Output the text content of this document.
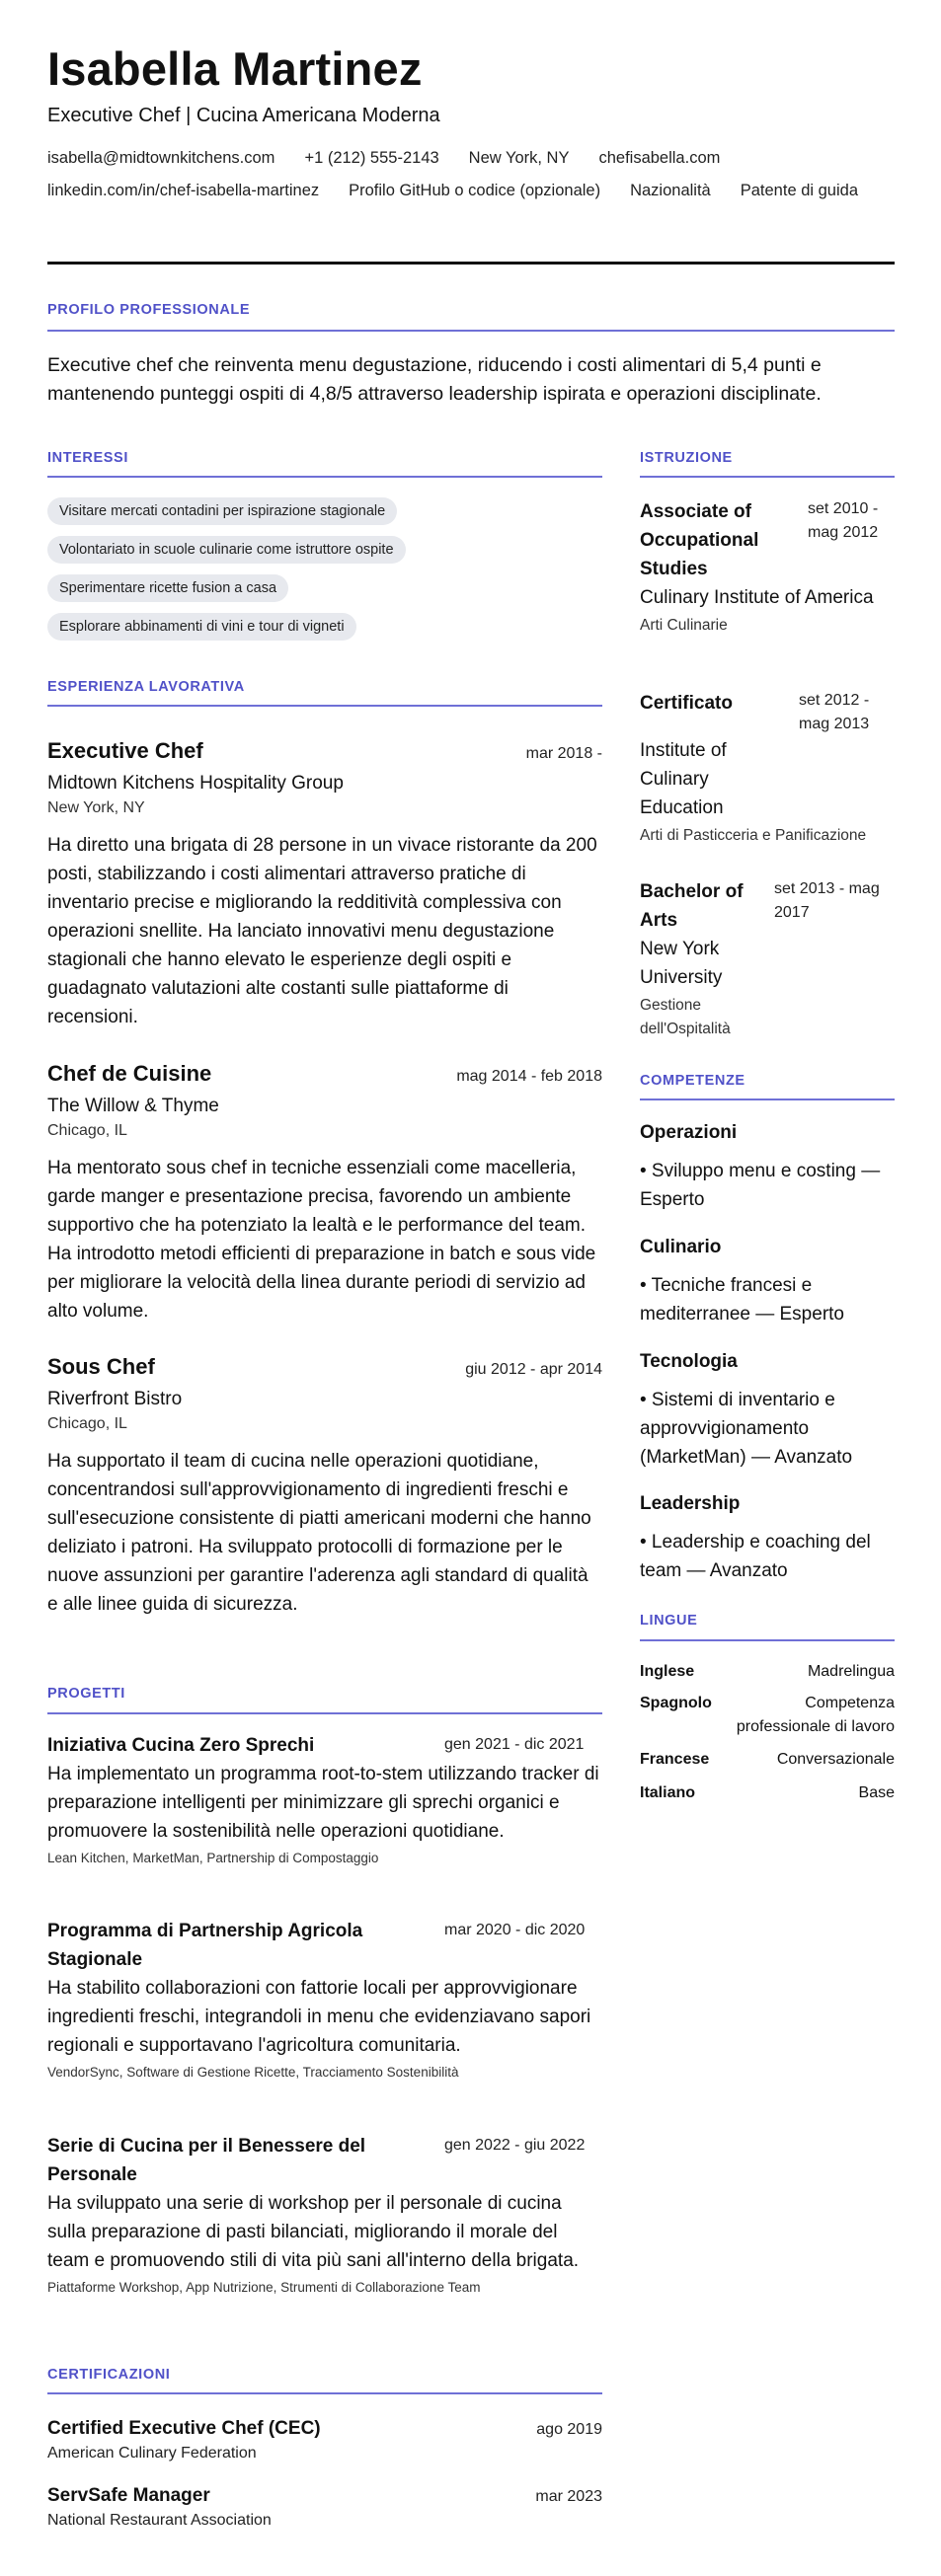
Isabella Martinez
Executive Chef | Cucina Americana Moderna
isabella@midtownkitchens.com +1 (212) 555-2143 New York, NY chefisabella.com
linkedin.com/in/chef-isabella-martinez Profilo GitHub o codice (opzionale) Nazionalità Patente di guida
PROFILO PROFESSIONALE
Executive chef che reinventa menu degustazione, riducendo i costi alimentari di 5,4 punti e mantenendo punteggi ospiti di 4,8/5 attraverso leadership ispirata e operazioni disciplinate.
INTERESSI
Visitare mercati contadini per ispirazione stagionale
Volontariato in scuole culinarie come istruttore ospite
Sperimentare ricette fusion a casa
Esplorare abbinamenti di vini e tour di vigneti
ESPERIENZA LAVORATIVA
Executive Chef	mar 2018 -
Midtown Kitchens Hospitality Group
New York, NY
Ha diretto una brigata di 28 persone in un vivace ristorante da 200 posti, stabilizzando i costi alimentari attraverso pratiche di inventario precise e migliorando la redditività complessiva con operazioni snellite. Ha lanciato innovativi menu degustazione stagionali che hanno elevato le esperienze degli ospiti e guadagnato valutazioni alte costanti sulle piattaforme di recensioni.
Chef de Cuisine	mag 2014 - feb 2018
The Willow & Thyme
Chicago, IL
Ha mentorato sous chef in tecniche essenziali come macelleria, garde manger e presentazione precisa, favorendo un ambiente supportivo che ha potenziato la lealtà e le performance del team. Ha introdotto metodi efficienti di preparazione in batch e sous vide per migliorare la velocità della linea durante periodi di servizio ad alto volume.
Sous Chef	giu 2012 - apr 2014
Riverfront Bistro
Chicago, IL
Ha supportato il team di cucina nelle operazioni quotidiane, concentrandosi sull'approvvigionamento di ingredienti freschi e sull'esecuzione consistente di piatti americani moderni che hanno deliziato i patroni. Ha sviluppato protocolli di formazione per le nuove assunzioni per garantire l'aderenza agli standard di qualità e alle linee guida di sicurezza.
PROGETTI
Iniziativa Cucina Zero Sprechi	gen 2021 - dic 2021
Ha implementato un programma root-to-stem utilizzando tracker di preparazione intelligenti per minimizzare gli sprechi organici e promuovere la sostenibilità nelle operazioni quotidiane.
Lean Kitchen, MarketMan, Partnership di Compostaggio
Programma di Partnership Agricola Stagionale
mar 2020 - dic 2020
Ha stabilito collaborazioni con fattorie locali per approvvigionare ingredienti freschi, integrandoli in menu che evidenziavano sapori regionali e supportavano l'agricoltura comunitaria.
VendorSync, Software di Gestione Ricette, Tracciamento Sostenibilità
Serie di Cucina per il Benessere del Personale
gen 2022 - giu 2022
Ha sviluppato una serie di workshop per il personale di cucina sulla preparazione di pasti bilanciati, migliorando il morale del team e promuovendo stili di vita più sani all'interno della brigata.
Piattaforme Workshop, App Nutrizione, Strumenti di Collaborazione Team
CERTIFICAZIONI
Certified Executive Chef (CEC)	ago 2019
American Culinary Federation
ServSafe Manager	mar 2023
National Restaurant Association
ISTRUZIONE
Associate of Occupational Studies
set 2010 - mag 2012
Culinary Institute of America
Arti Culinarie
Certificato	set 2012 - mag 2013
Institute of Culinary Education
Arti di Pasticceria e Panificazione
Bachelor of Arts
set 2013 - mag 2017
New York University
Gestione dell'Ospitalità
COMPETENZE
Operazioni
• Sviluppo menu e costing — Esperto
Culinario
• Tecniche francesi e mediterranee — Esperto
Tecnologia
• Sistemi di inventario e approvvigionamento (MarketMan) — Avanzato
Leadership
• Leadership e coaching del team — Avanzato
LINGUE
Inglese	Madrelingua
Spagnolo	Competenza professionale di lavoro
Francese	Conversazionale
Italiano	Base
